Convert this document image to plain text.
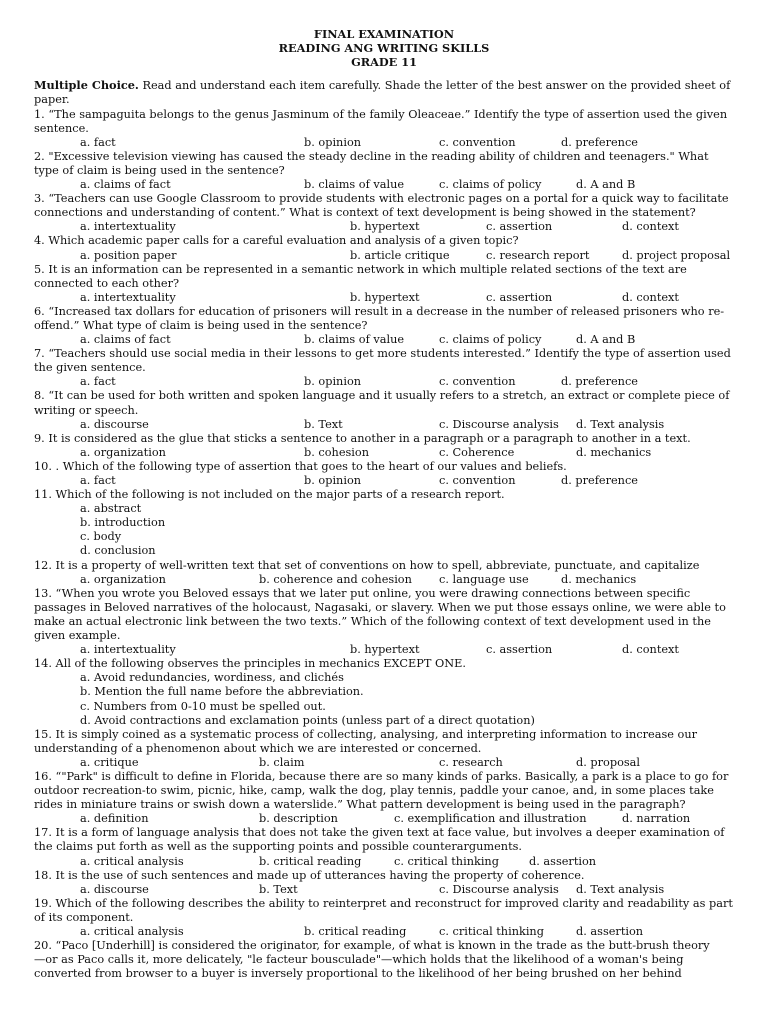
FINAL EXAMINATION
READING ANG WRITING SKILLS
GRADE 11
Multiple Choice. Read and understand each item carefully. Shade the letter of the best answer on the provided sheet of paper.
1. “The sampaguita belongs to the genus Jasminum of the family Oleaceae.” Identify the type of assertion used the given sentence.
a. fact	b. opinion	c. convention	d. preference
2. "Excessive television viewing has caused the steady decline in the reading ability of children and teenagers." What type of claim is being used in the sentence?
a. claims of fact	b. claims of value	c. claims of policy	d. A and B
3. “Teachers can use Google Classroom to provide students with electronic pages on a portal for a quick way to facilitate connections and understanding of content.” What is context of text development is being showed in the statement?
a. intertextuality	b. hypertext	c. assertion	d. context
4. Which academic paper calls for a careful evaluation and analysis of a given topic?
a. position paper	b. article critique	c. research report	d. project proposal
5. It is an information can be represented in a semantic network in which multiple related sections of the text are connected to each other?
a. intertextuality	b. hypertext	c. assertion	d. context
6. “Increased tax dollars for education of prisoners will result in a decrease in the number of released prisoners who re-offend.” What type of claim is being used in the sentence?
a. claims of fact	b. claims of value	c. claims of policy	d. A and B
7. “Teachers should use social media in their lessons to get more students interested.” Identify the type of assertion used the given sentence.
a. fact	b. opinion	c. convention	d. preference
8. “It can be used for both written and spoken language and it usually refers to a stretch, an extract or complete piece of writing or speech.
a. discourse	b. Text	c. Discourse analysis d. Text analysis
9. It is considered as the glue that sticks a sentence to another in a paragraph or a paragraph to another in a text.
a. organization	b. cohesion	c. Coherence	d. mechanics
10. . Which of the following type of assertion that goes to the heart of our values and beliefs.
a. fact	b. opinion	c. convention	d. preference
11. Which of the following is not included on the major parts of a research report.
a. abstract
b. introduction
c. body
d. conclusion
12. It is a property of well-written text that set of conventions on how to spell, abbreviate, punctuate, and capitalize
a. organization	b. coherence and cohesion c. language use	d. mechanics
13. “When you wrote you Beloved essays that we later put online, you were drawing connections between specific passages in Beloved narratives of the holocaust, Nagasaki, or slavery. When we put those essays online, we were able to make an actual electronic link between the two texts.” Which of the following context of text development used in the given example.
a. intertextuality	b. hypertext	c. assertion	d. context
14. All of the following observes the principles in mechanics EXCEPT ONE.
a. Avoid redundancies, wordiness, and clichés
b. Mention the full name before the abbreviation.
c. Numbers from 0-10 must be spelled out.
d. Avoid contractions and exclamation points (unless part of a direct quotation)
15. It is simply coined as a systematic process of collecting, analysing, and interpreting information to increase our understanding of a phenomenon about which we are interested or concerned.
a. critique	b. claim	c. research	d. proposal
16. “"Park" is difficult to define in Florida, because there are so many kinds of parks. Basically, a park is a place to go for outdoor recreation-to swim, picnic, hike, camp, walk the dog, play tennis, paddle your canoe, and, in some places take rides in miniature trains or swish down a waterslide.” What pattern development is being used in the paragraph?
a. definition	b. description	c. exemplification and illustration	d. narration
17. It is a form of language analysis that does not take the given text at face value, but involves a deeper examination of the claims put forth as well as the supporting points and possible counterarguments.
a. critical analysis	b. critical reading	c. critical thinking	d. assertion
18. It is the use of such sentences and made up of utterances having the property of coherence.
a. discourse	b. Text	c. Discourse analysis d. Text analysis
19. Which of the following describes the ability to reinterpret and reconstruct for improved clarity and readability as part of its component.
a. critical analysis	b. critical reading	c. critical thinking	d. assertion
20. “Paco [Underhill] is considered the originator, for example, of what is known in the trade as the butt-brush theory
—or as Paco calls it, more delicately, "le facteur bousculade"—which holds that the likelihood of a woman's being
converted from browser to a buyer is inversely proportional to the likelihood of her being brushed on her behind
